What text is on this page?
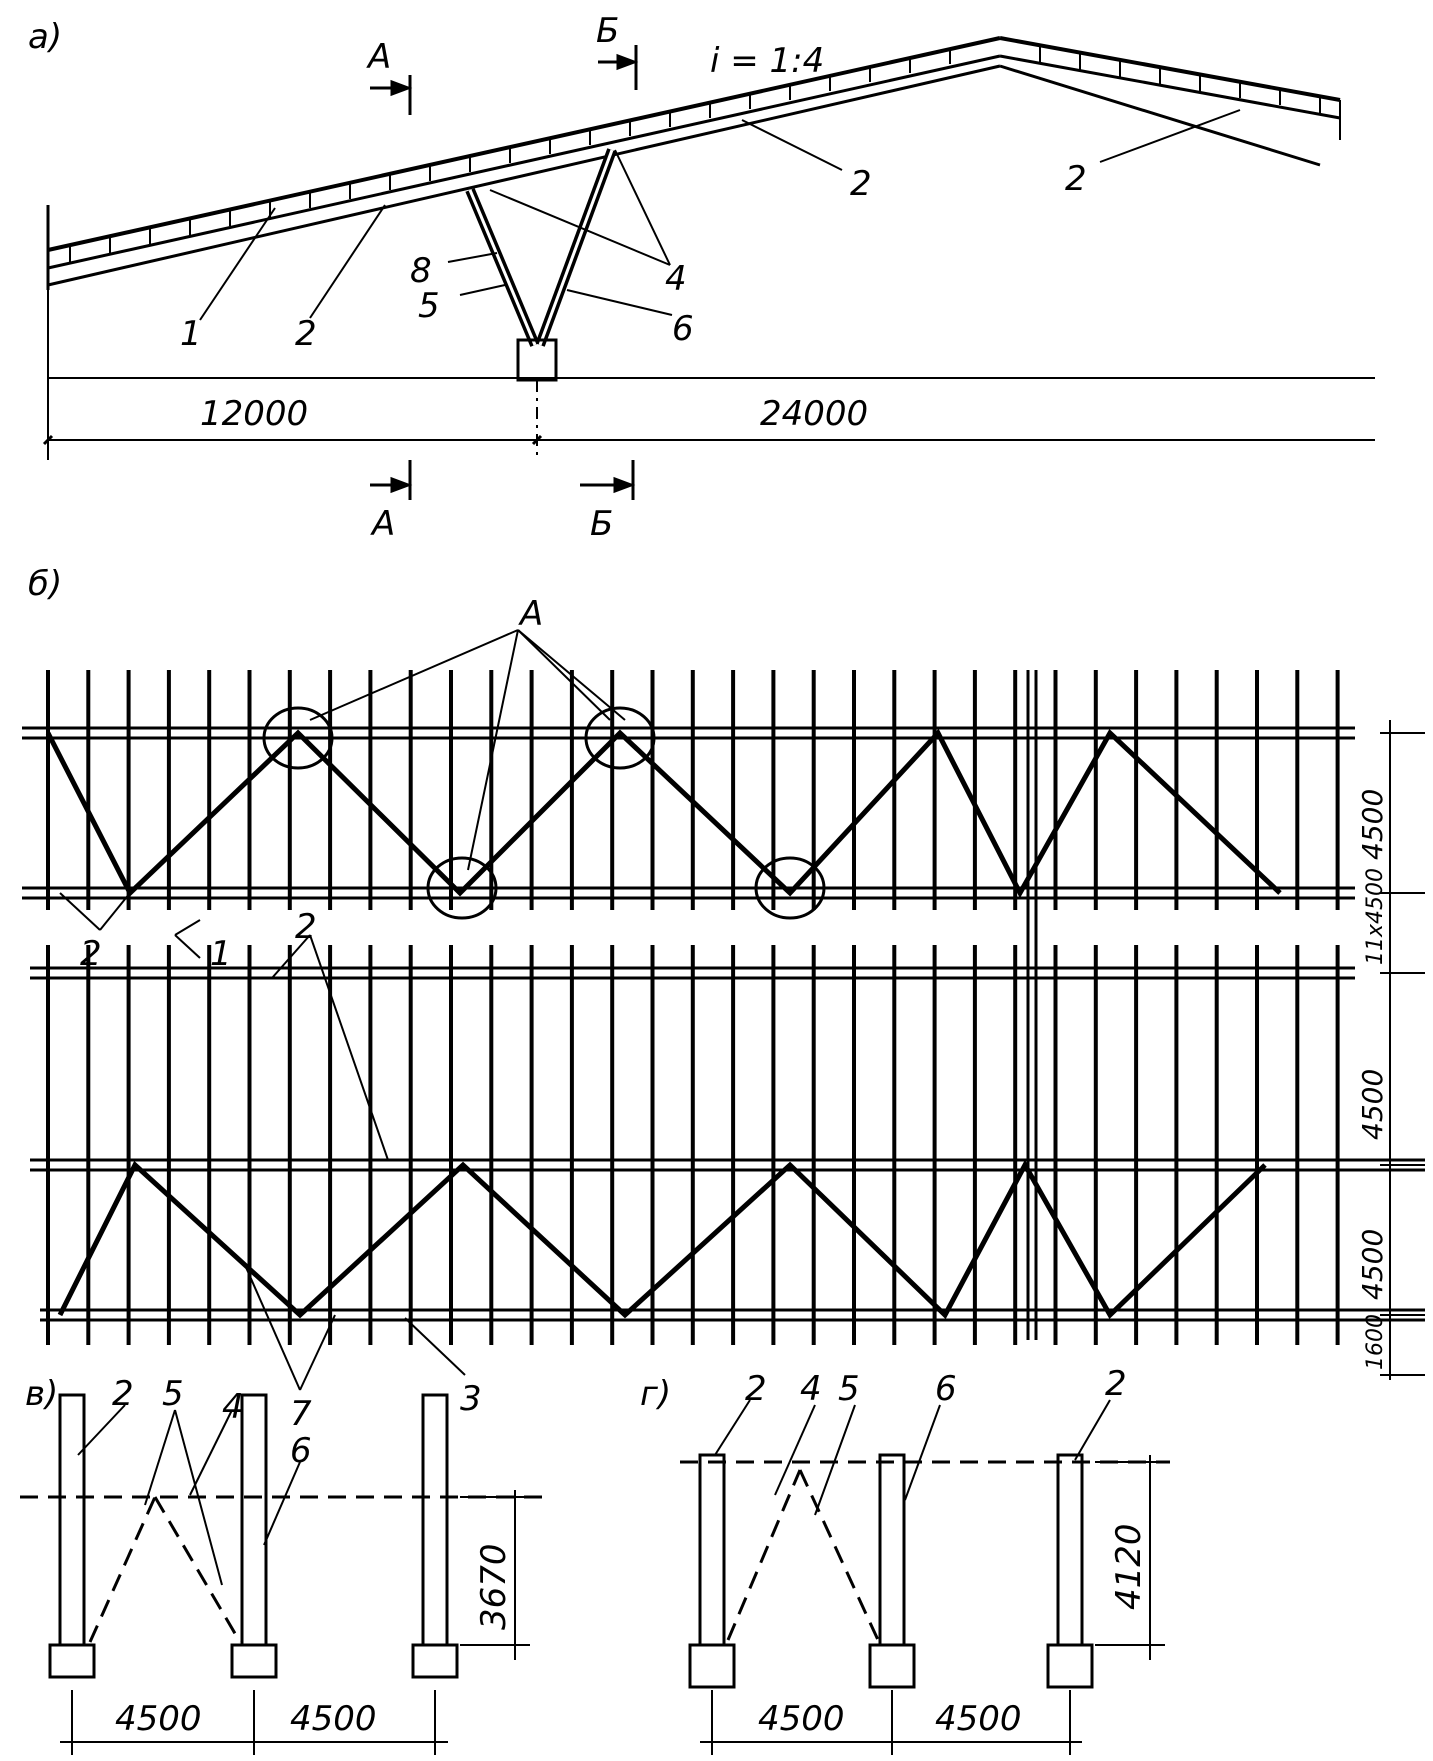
а)
12000	24000
i = 1:4
А
Б
А	Б
1	2
2	2
4
5
6
8
б)
А
4500
11х4500
4500
4500
1600
2	1
2
7	3
в)
4500	4500
3670
2 5 4
6
г)
4500	4500
4120
2 4 5 6	2
